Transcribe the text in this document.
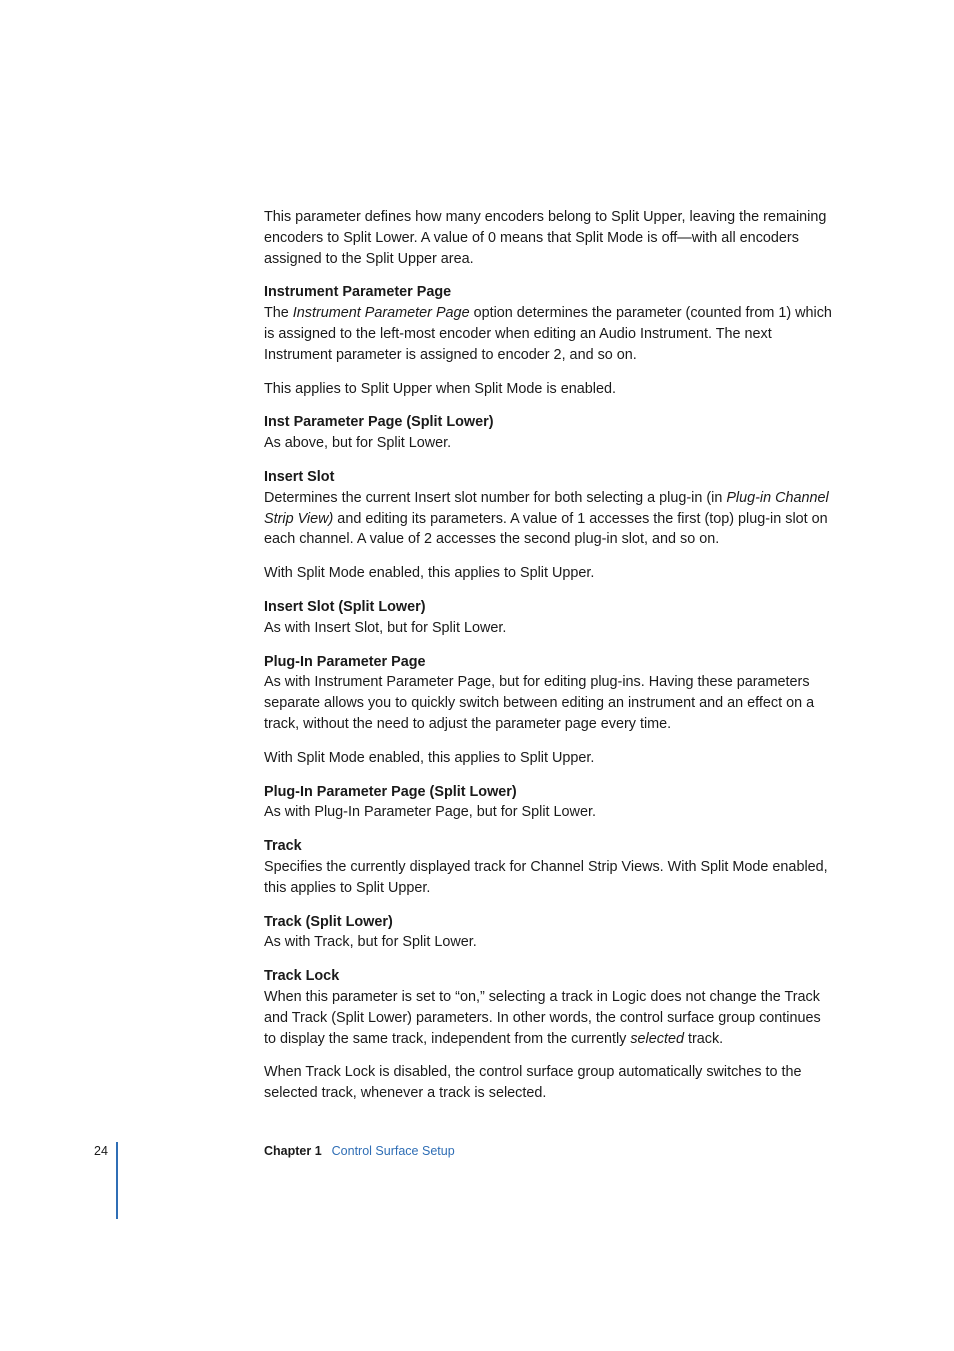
This parameter defines how many encoders belong to Split Upper, leaving the remaining encoders to Split Lower. A value of 0 means that Split Mode is off—with all encoders assigned to the Split Upper area.

Instrument Parameter Page

The Instrument Parameter Page option determines the parameter (counted from 1) which is assigned to the left-most encoder when editing an Audio Instrument. The next Instrument parameter is assigned to encoder 2, and so on.

This applies to Split Upper when Split Mode is enabled.

Inst Parameter Page (Split Lower)

As above, but for Split Lower.

Insert Slot

Determines the current Insert slot number for both selecting a plug-in (in Plug-in Channel Strip View) and editing its parameters. A value of 1 accesses the first (top) plug-in slot on each channel. A value of 2 accesses the second plug-in slot, and so on.

With Split Mode enabled, this applies to Split Upper.

Insert Slot (Split Lower)

As with Insert Slot, but for Split Lower.

Plug-In Parameter Page

As with Instrument Parameter Page, but for editing plug-ins. Having these parameters separate allows you to quickly switch between editing an instrument and an effect on a track, without the need to adjust the parameter page every time.

With Split Mode enabled, this applies to Split Upper.

Plug-In Parameter Page (Split Lower)

As with Plug-In Parameter Page, but for Split Lower.

Track

Specifies the currently displayed track for Channel Strip Views. With Split Mode enabled, this applies to Split Upper.

Track (Split Lower)

As with Track, but for Split Lower.

Track Lock

When this parameter is set to “on,” selecting a track in Logic does not change the Track and Track (Split Lower) parameters. In other words, the control surface group continues to display the same track, independent from the currently selected track.

When Track Lock is disabled, the control surface group automatically switches to the selected track, whenever a track is selected.

24	Chapter 1 Control Surface Setup
